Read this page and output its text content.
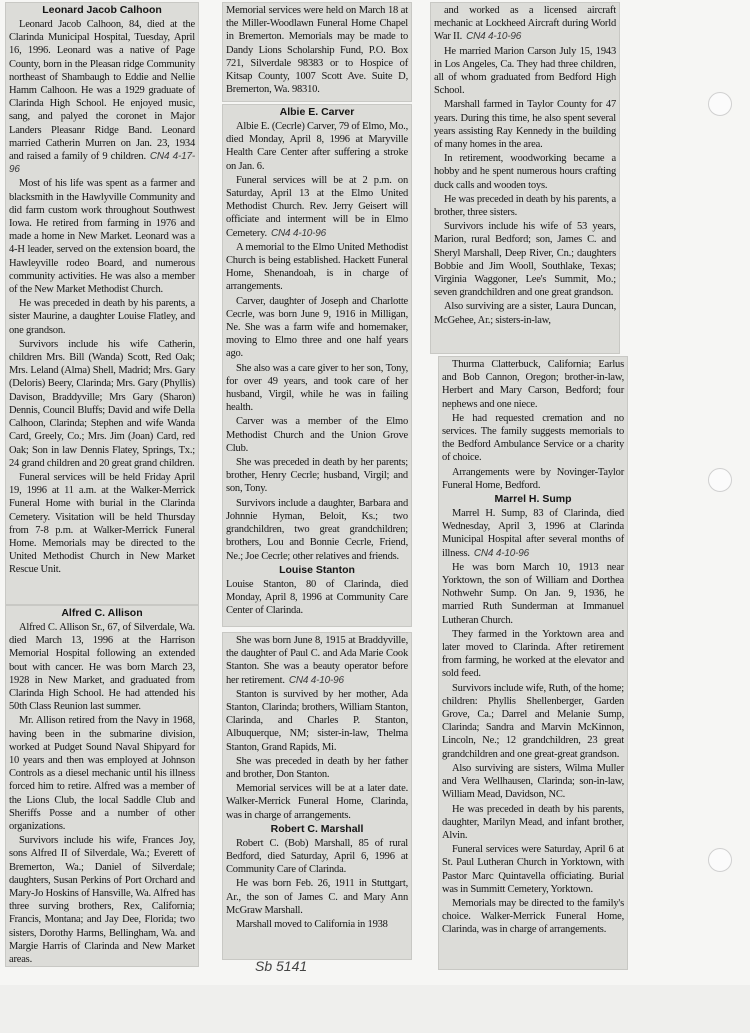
Leonard Jacob Calhoon
Leonard Jacob Calhoon, 84, died at the Clarinda Municipal Hospital, Tuesday, April 16, 1996. Leonard was a native of Page County, born in the Pleasan ridge Community northeast of Shambaugh to Eddie and Nellie Hamm Calhoon. He was a 1929 graduate of Clarinda High School. He enjoyed music, sang, and palyed the coronet in Major Landers Pleasanr Ridge Band. Leonard married Catherin Murren on Jan. 23, 1934 and raised a family of 9 children. CN4 4-17-96
Most of his life was spent as a farmer and blacksmith in the Hawlyville Community and did farm custom work throughout Southwest Iowa. He retired from farming in 1976 and made a home in New Market. Leonard was a 4-H leader, served on the extension board, the Hawleyville rodeo Board, and numerous community activities. He was also a member of the New Market Methodist Church.
He was preceded in death by his parents, a sister Maurine, a daughter Louise Flatley, and one grandson.
Survivors include his wife Catherin, children Mrs. Bill (Wanda) Scott, Red Oak; Mrs. Leland (Alma) Shell, Madrid; Mrs. Gary (Deloris) Beery, Clarinda; Mrs. Gary (Phyllis) Davison, Braddyville; Mrs Gary (Sharon) Dennis, Council Bluffs; David and wife Della Calhoon, Clarinda; Stephen and wife Wanda Card, Greely, Co.; Mrs. Jim (Joan) Card, red Oak; Son in law Dennis Flatey, Springs, Tx.; 24 grand children and 20 great grand children.
Funeral services will be held Friday April 19, 1996 at 11 a.m. at the Walker-Merrick Funeral Home with burial in the Clarinda Cemetery. Visitation will be held Thursday from 7-8 p.m. at Walker-Merrick Funeral Home. Memorials may be directed to the United Methodist Church in New Market Rescue Unit.
Alfred C. Allison
Alfred C. Allison Sr., 67, of Silverdale, Wa. died March 13, 1996 at the Harrison Memorial Hospital following an extended bout with cancer. He was born March 23, 1928 in New Market, and graduated from Clarinda High School. He had attended his 50th Class Reunion last summer.
Mr. Allison retired from the Navy in 1968, having been in the submarine division, worked at Pudget Sound Naval Shipyard for 10 years and then was employed at Johnson Controls as a diesel mechanic until his illness forced him to retire. Alfred was a member of the Lions Club, the local Saddle Club and Sheriffs Posse and a number of other organizations.
Survivors include his wife, Frances Joy, sons Alfred II of Silverdale, Wa.; Everett of Bremerton, Wa.; Daniel of Silverdale; daughters, Susan Perkins of Port Orchard and Mary-Jo Hoskins of Hansville, Wa. Alfred has three surving brothers, Rex, California; Francis, Montana; and Jay Dee, Florida; two sisters, Dorothy Harms, Bellingham, Wa. and Margie Harris of Clarinda and New Market areas.
Memorial services were held on March 18 at the Miller-Woodlawn Funeral Home Chapel in Bremerton. Memorials may be made to Dandy Lions Scholarship Fund, P.O. Box 721, Silverdale 98383 or to Hospice of Kitsap County, 1007 Scott Ave. Suite D, Bremerton, Wa. 98310.
Albie E. Carver
Albie E. (Cecrle) Carver, 79 of Elmo, Mo., died Monday, April 8, 1996 at Maryville Health Care Center after suffering a stroke on Jan. 6.
Funeral services will be at 2 p.m. on Saturday, April 13 at the Elmo United Methodist Church. Rev. Jerry Geisert will officiate and interment will be in Elmo Cemetery. CN4 4-10-96
A memorial to the Elmo United Methodist Church is being established. Hackett Funeral Home, Shenandoah, is in charge of arrangements.
Carver, daughter of Joseph and Charlotte Cecrle, was born June 9, 1916 in Milligan, Ne. She was a farm wife and homemaker, moving to Elmo three and one half years ago.
She also was a care giver to her son, Tony, for over 49 years, and took care of her husband, Virgil, while he was in failing health.
Carver was a member of the Elmo Methodist Church and the Union Grove Club.
She was preceded in death by her parents; brother, Henry Cecrle; husband, Virgil; and son, Tony.
Survivors include a daughter, Barbara and Johnnie Hyman, Beloit, Ks.; two grandchildren, two great grandchildren; brothers, Lou and Bonnie Cecrle, Friend, Ne.; Joe Cecrle; other relatives and friends.
Louise Stanton
Louise Stanton, 80 of Clarinda, died Monday, April 8, 1996 at Community Care Center of Clarinda.
She was born June 8, 1915 at Braddyville, the daughter of Paul C. and Ada Marie Cook Stanton. She was a beauty operator before her retirement. CN4 4-10-96
Stanton is survived by her mother, Ada Stanton, Clarinda; brothers, William Stanton, Clarinda, and Charles P. Stanton, Albuquerque, NM; sister-in-law, Thelma Stanton, Grand Rapids, Mi.
She was preceded in death by her father and brother, Don Stanton.
Memorial services will be at a later date. Walker-Merrick Funeral Home, Clarinda, was in charge of arrangements.
Robert C. Marshall
Robert C. (Bob) Marshall, 85 of rural Bedford, died Saturday, April 6, 1996 at Community Care of Clarinda.
He was born Feb. 26, 1911 in Stuttgart, Ar., the son of James C. and Mary Ann McGraw Marshall.
Marshall moved to California in 1938
and worked as a licensed aircraft mechanic at Lockheed Aircraft during World War II. CN4 4-10-96
He married Marion Carson July 15, 1943 in Los Angeles, Ca. They had three children, all of whom graduated from Bedford High School.
Marshall farmed in Taylor County for 47 years. During this time, he also spent several years assisting Ray Kennedy in the building of many homes in the area.
In retirement, woodworking became a hobby and he spent numerous hours crafting duck calls and wooden toys.
He was preceded in death by his parents, a brother, three sisters.
Survivors include his wife of 53 years, Marion, rural Bedford; son, James C. and Sheryl Marshall, Deep River, Cn.; daughters Bobbie and Jim Wooll, Southlake, Texas; Virginia Waggoner, Lee's Summit, Mo.; seven grandchildren and one great grandson.
Also surviving are a sister, Laura Duncan, McGehee, Ar.; sisters-in-law,
Thurma Clatterbuck, California; Earlus and Bob Cannon, Oregon; brother-in-law, Herbert and Mary Carson, Bedford; four nephews and one niece.
He had requested cremation and no services. The family suggests memorials to the Bedford Ambulance Service or a charity of choice.
Arrangements were by Novinger-Taylor Funeral Home, Bedford.
Marrel H. Sump
Marrel H. Sump, 83 of Clarinda, died Wednesday, April 3, 1996 at Clarinda Municipal Hospital after several months of illness. CN4 4-10-96
He was born March 10, 1913 near Yorktown, the son of William and Dorthea Nothwehr Sump. On Jan. 9, 1936, he married Ruth Sunderman at Immanuel Lutheran Church.
They farmed in the Yorktown area and later moved to Clarinda. After retirement from farming, he worked at the elevator and sold feed.
Survivors include wife, Ruth, of the home; children: Phyllis Shellenberger, Garden Grove, Ca.; Darrel and Melanie Sump, Clarinda; Sandra and Marvin McKinnon, Lincoln, Ne.; 12 grandchildren, 23 great grandchildren and one great-great grandson.
Also surviving are sisters, Wilma Muller and Vera Wellhausen, Clarinda; son-in-law, William Mead, Davidson, NC.
He was preceded in death by his parents, daughter, Marilyn Mead, and infant brother, Alvin.
Funeral services were Saturday, April 6 at St. Paul Lutheran Church in Yorktown, with Pastor Marc Quintavella officiating. Burial was in Summitt Cemetery, Yorktown.
Memorials may be directed to the family's choice. Walker-Merrick Funeral Home, Clarinda, was in charge of arrangements.
Sb 5141
